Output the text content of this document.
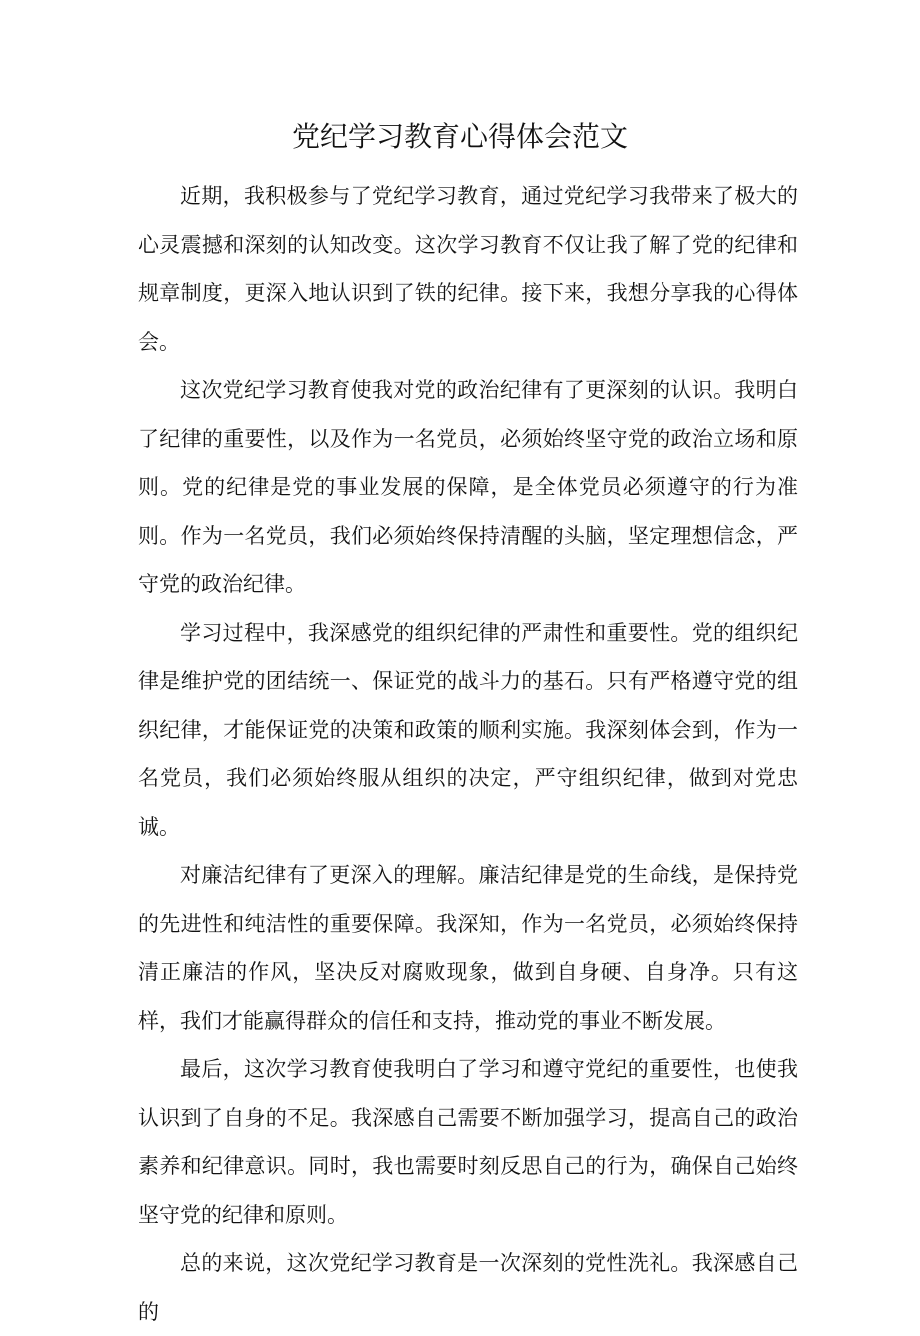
党纪学习教育心得体会范文

近期，我积极参与了党纪学习教育，通过党纪学习我带来了极大的心灵震撼和深刻的认知改变。这次学习教育不仅让我了解了党的纪律和规章制度，更深入地认识到了铁的纪律。接下来，我想分享我的心得体会。

这次党纪学习教育使我对党的政治纪律有了更深刻的认识。我明白了纪律的重要性，以及作为一名党员，必须始终坚守党的政治立场和原则。党的纪律是党的事业发展的保障，是全体党员必须遵守的行为准则。作为一名党员，我们必须始终保持清醒的头脑，坚定理想信念，严守党的政治纪律。

学习过程中，我深感党的组织纪律的严肃性和重要性。党的组织纪律是维护党的团结统一、保证党的战斗力的基石。只有严格遵守党的组织纪律，才能保证党的决策和政策的顺利实施。我深刻体会到，作为一名党员，我们必须始终服从组织的决定，严守组织纪律，做到对党忠诚。

对廉洁纪律有了更深入的理解。廉洁纪律是党的生命线，是保持党的先进性和纯洁性的重要保障。我深知，作为一名党员，必须始终保持清正廉洁的作风，坚决反对腐败现象，做到自身硬、自身净。只有这样，我们才能赢得群众的信任和支持，推动党的事业不断发展。

最后，这次学习教育使我明白了学习和遵守党纪的重要性，也使我认识到了自身的不足。我深感自己需要不断加强学习，提高自己的政治素养和纪律意识。同时，我也需要时刻反思自己的行为，确保自己始终坚守党的纪律和原则。

总的来说，这次党纪学习教育是一次深刻的党性洗礼。我深感自己的
